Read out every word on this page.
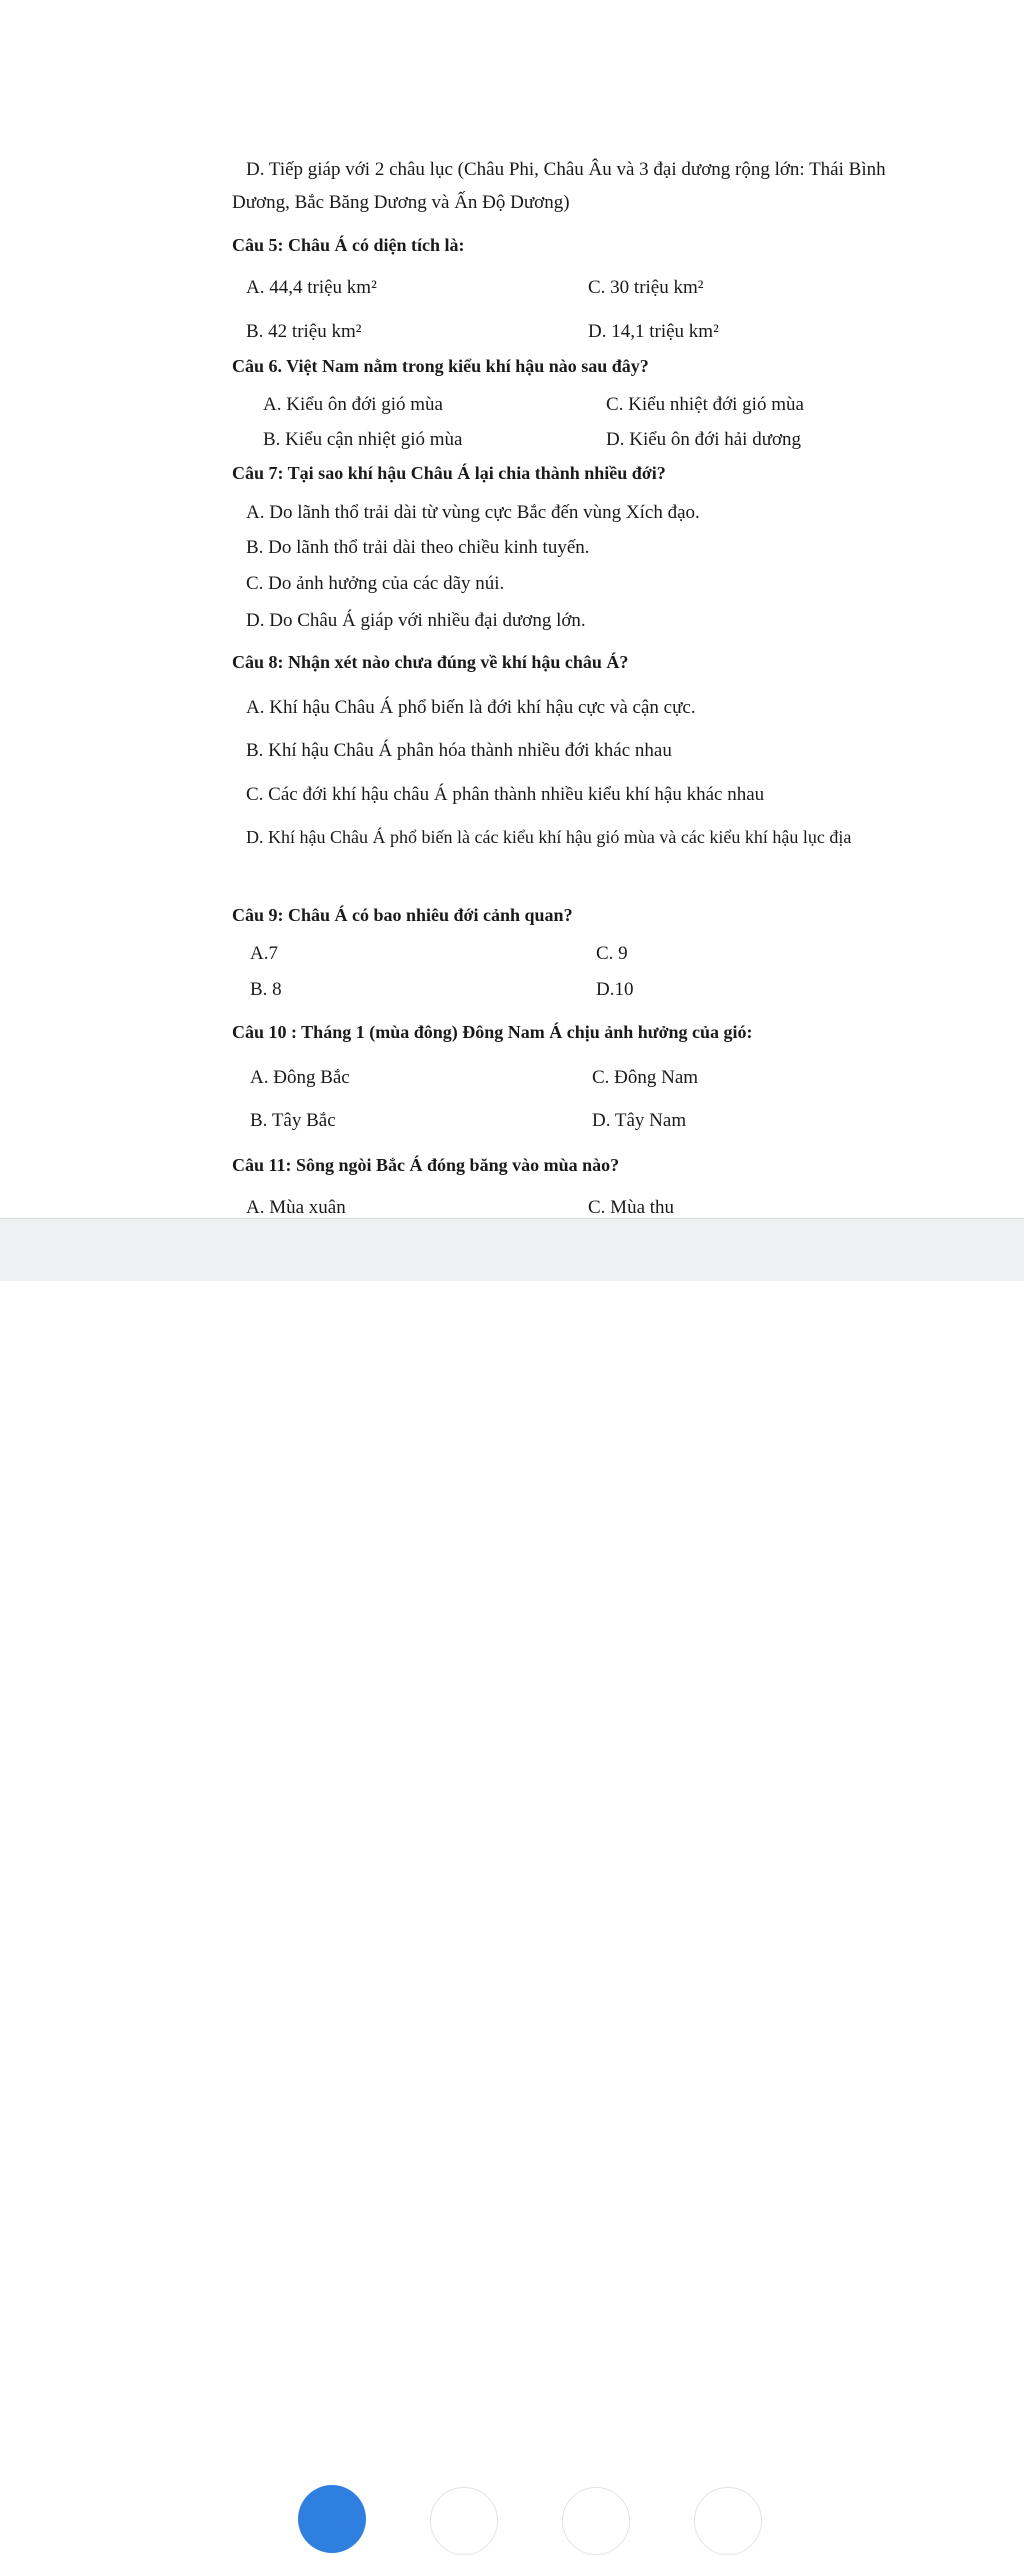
D. Tiếp giáp với 2 châu lục (Châu Phi, Châu Âu và 3 đại dương rộng lớn: Thái Bình
Dương, Bắc Băng Dương và Ấn Độ Dương)
Câu 5: Châu Á có diện tích là:
A. 44,4 triệu km²	C. 30 triệu km²
B. 42 triệu km²	D. 14,1 triệu km²
Câu 6. Việt Nam nằm trong kiểu khí hậu nào sau đây?
A. Kiểu ôn đới gió mùa	C. Kiểu nhiệt đới gió mùa
B. Kiểu cận nhiệt gió mùa	D. Kiểu ôn đới hải dương
Câu 7: Tại sao khí hậu Châu Á lại chia thành nhiều đới?
A. Do lãnh thổ trải dài từ vùng cực Bắc đến vùng Xích đạo.
B. Do lãnh thổ trải dài theo chiều kinh tuyến.
C. Do ảnh hưởng của các dãy núi.
D. Do Châu Á giáp với nhiều đại dương lớn.
Câu 8: Nhận xét nào chưa đúng về khí hậu châu Á?
A. Khí hậu Châu Á phổ biến là đới khí hậu cực và cận cực.
B. Khí hậu Châu Á phân hóa thành nhiều đới khác nhau
C. Các đới khí hậu châu Á phân thành nhiều kiểu khí hậu khác nhau
D. Khí hậu Châu Á phổ biến là các kiểu khí hậu gió mùa và các kiểu khí hậu lục địa
Câu 9: Châu Á có bao nhiêu đới cảnh quan?
A.7	C. 9
B. 8	D.10
Câu 10 : Tháng 1 (mùa đông) Đông Nam Á chịu ảnh hưởng của gió:
A. Đông Bắc	C. Đông Nam
B. Tây Bắc	D. Tây Nam
Câu 11: Sông ngòi Bắc Á đóng băng vào mùa nào?
A. Mùa xuân	C. Mùa thu
